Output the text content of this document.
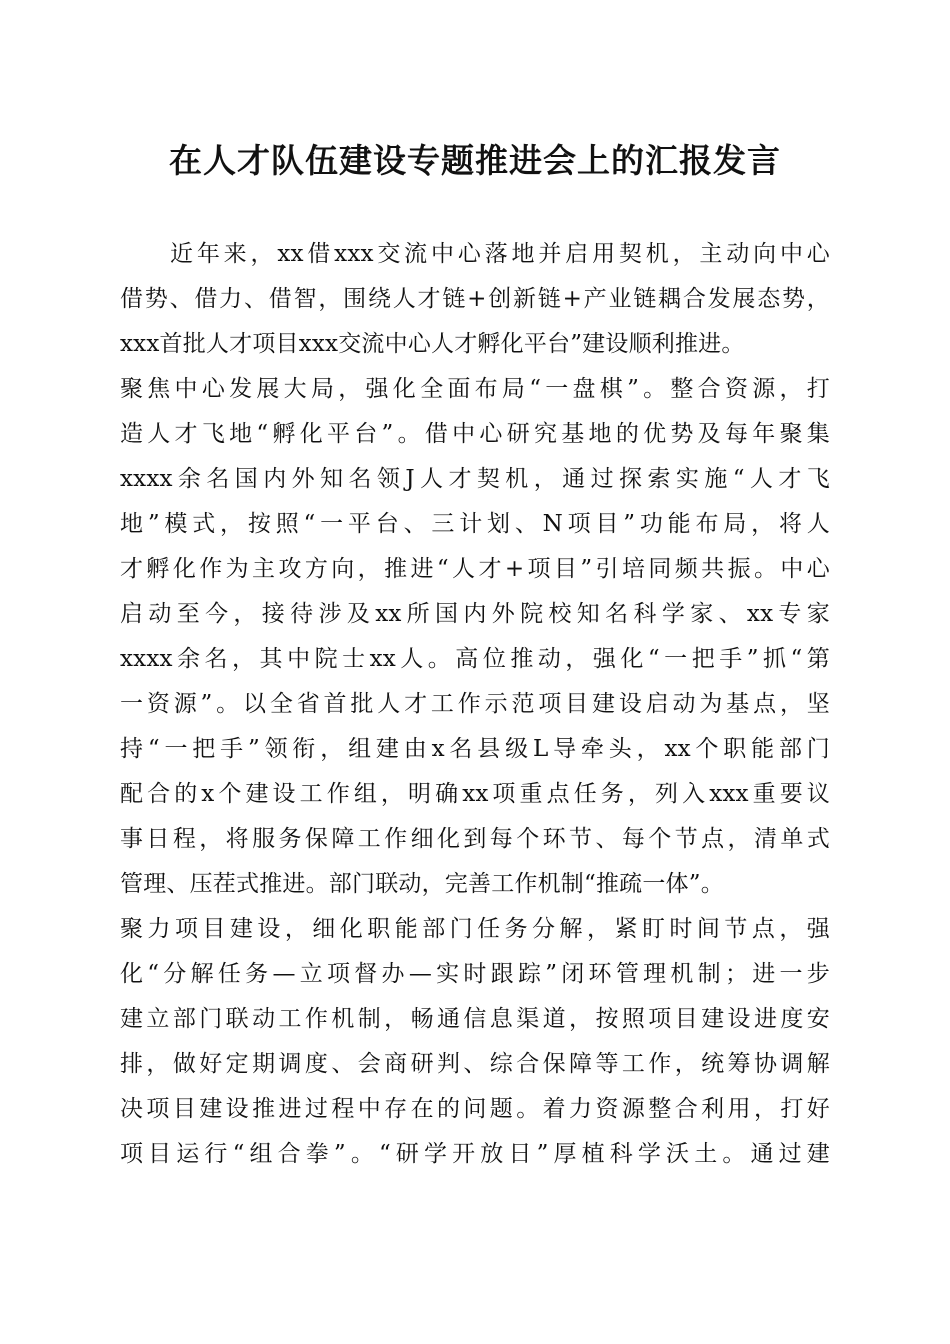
在人才队伍建设专题推进会上的汇报发言
近年来，xx借xxx交流中心落地并启用契机，主动向中心
借势、借力、借智，围绕人才链+创新链+产业链耦合发展态势，
xxx首批人才项目xxx交流中心人才孵化平台”建设顺利推进。
聚焦中心发展大局，强化全面布局“一盘棋”。整合资源，打
造人才飞地“孵化平台”。借中心研究基地的优势及每年聚集
xxxx余名国内外知名领J人才契机，通过探索实施“人才飞
地”模式，按照“一平台、三计划、N项目”功能布局，将人
才孵化作为主攻方向，推进“人才+项目”引培同频共振。中心
启动至今，接待涉及xx所国内外院校知名科学家、xx专家
xxxx余名，其中院士xx人。高位推动，强化“一把手”抓“第
一资源”。以全省首批人才工作示范项目建设启动为基点，坚
持“一把手”领衔，组建由x名县级L导牵头，xx个职能部门
配合的x个建设工作组，明确xx项重点任务，列入xxx重要议
事日程，将服务保障工作细化到每个环节、每个节点，清单式
管理、压茬式推进。部门联动，完善工作机制“推疏一体”。
聚力项目建设，细化职能部门任务分解，紧盯时间节点，强
化“分解任务—立项督办—实时跟踪”闭环管理机制；进一步
建立部门联动工作机制，畅通信息渠道，按照项目建设进度安
排，做好定期调度、会商研判、综合保障等工作，统筹协调解
决项目建设推进过程中存在的问题。着力资源整合利用，打好
项目运行“组合拳”。“研学开放日”厚植科学沃土。通过建
